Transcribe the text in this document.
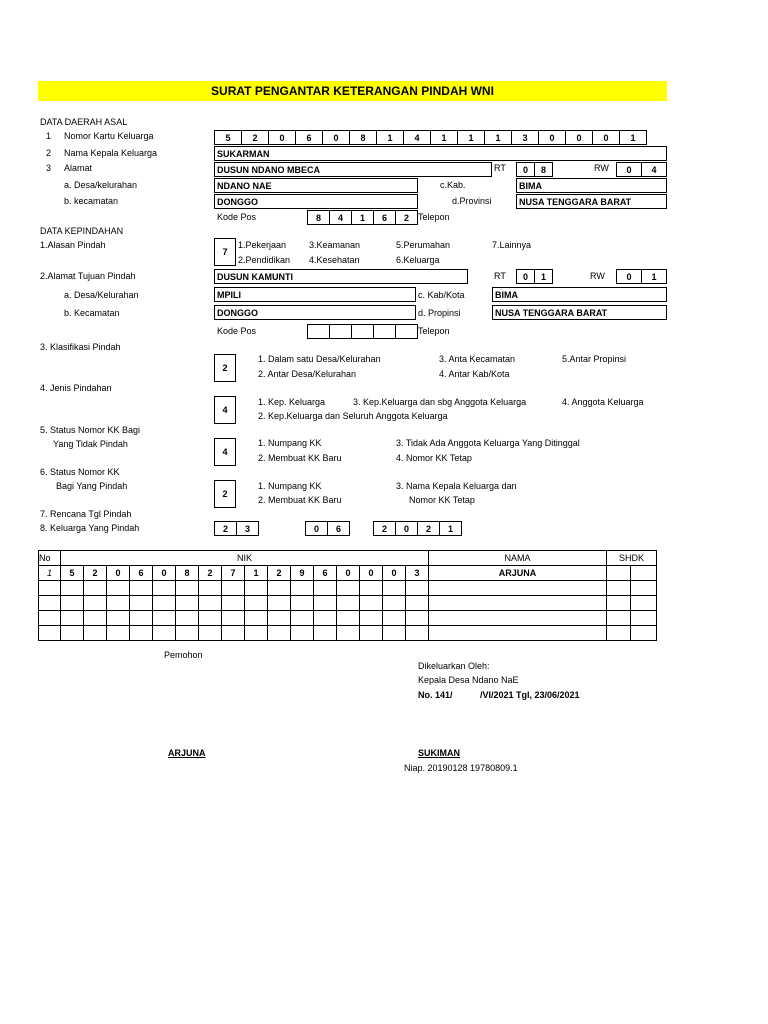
SURAT PENGANTAR KETERANGAN PINDAH WNI
DATA DAERAH ASAL
1 Nomor Kartu Keluarga	5	2	0	6	0	8	1	4	1	1	1	3	0	0	0	1
2 Nama Kepala Keluarga	SUKARMAN
3 Alamat	DUSUN NDANO MBECA	RT	0	8	RW	0	4
a. Desa/kelurahan	NDANO NAE	c.Kab.	BIMA
b. kecamatan	DONGGO	d.Provinsi	NUSA TENGGARA BARAT
Kode Pos	8	4	1	6	2	Telepon
DATA KEPINDAHAN
1.Alasan Pindah
7
1.Pekerjaan	3.Keamanan	5.Perumahan	7.Lainnya
2.Pendidikan 4.Kesehatan	6.Keluarga
2.Alamat Tujuan Pindah	DUSUN KAMUNTI	RT	0	1	RW	0	1
a. Desa/Kelurahan	MPILI	c. Kab/Kota	BIMA
b. Kecamatan	DONGGO	d. Propinsi	NUSA TENGGARA BARAT
Kode Pos	Telepon
3. Klasifikasi Pindah
2
1. Dalam satu Desa/Kelurahan	3. Anta Kecamatan	5.Antar Propinsi
2. Antar Desa/Kelurahan	4. Antar Kab/Kota
4. Jenis Pindahan
4
1. Kep. Keluarga	3. Kep.Keluarga dan sbg Anggota Keluarga	4. Anggota Keluarga
2. Kep.Keluarga dan Seluruh Anggota Keluarga
5. Status Nomor KK Bagi
Yang Tidak Pindah
4
1. Numpang KK	3. Tidak Ada Anggota Keluarga Yang Ditinggal
2. Membuat KK Baru	4. Nomor KK Tetap
6. Status Nomor KK
Bagi Yang Pindah
2
1. Numpang KK	3. Nama Kepala Keluarga dan
2. Membuat KK Baru	Nomor KK Tetap
7. Rencana Tgl Pindah
8. Keluarga Yang Pindah	2	3	0	6	2	0	2	1
No	NIK																NAMA	SHDK	
1	5	2	0	6	0	8	2	7	1	2	9	6	0	0	0	3	ARJUNA		

Pemohon
Dikeluarkan Oleh:
Kepala Desa Ndano NaE
No. 141/	/VI/2021 Tgl, 23/06/2021
ARJUNA	SUKIMAN
Niap. 20190128 19780809.1
